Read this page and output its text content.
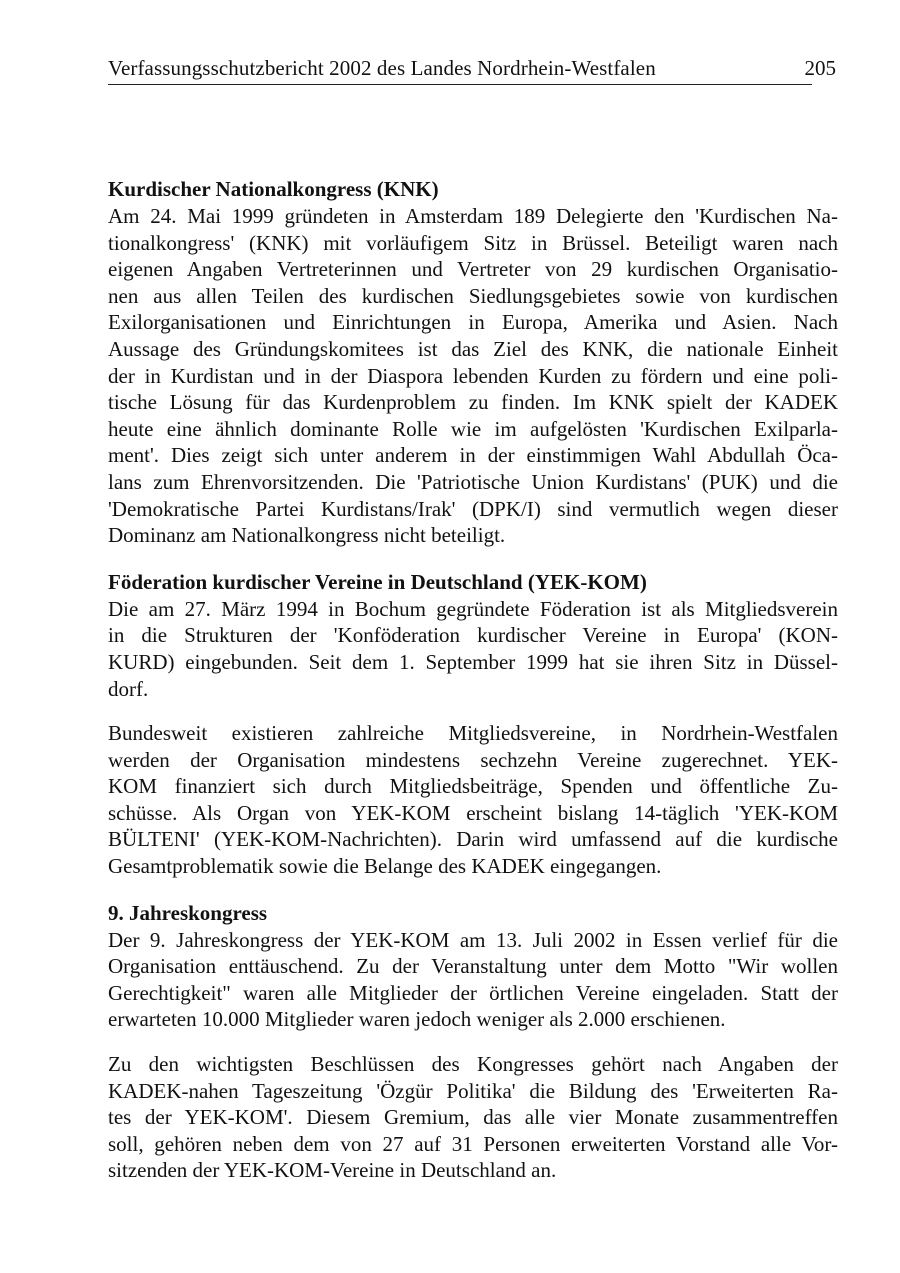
Verfassungsschutzbericht 2002 des Landes Nordrhein-Westfalen	205
Kurdischer Nationalkongress (KNK)

Am 24. Mai 1999 gründeten in Amsterdam 189 Delegierte den 'Kurdischen Na-
tionalkongress' (KNK) mit vorläufigem Sitz in Brüssel. Beteiligt waren nach
eigenen Angaben Vertreterinnen und Vertreter von 29 kurdischen Organisatio-
nen aus allen Teilen des kurdischen Siedlungsgebietes sowie von kurdischen
Exilorganisationen und Einrichtungen in Europa, Amerika und Asien. Nach
Aussage des Gründungskomitees ist das Ziel des KNK, die nationale Einheit
der in Kurdistan und in der Diaspora lebenden Kurden zu fördern und eine poli-
tische Lösung für das Kurdenproblem zu finden. Im KNK spielt der KADEK
heute eine ähnlich dominante Rolle wie im aufgelösten 'Kurdischen Exilparla-
ment'. Dies zeigt sich unter anderem in der einstimmigen Wahl Abdullah Öca-
lans zum Ehrenvorsitzenden. Die 'Patriotische Union Kurdistans' (PUK) und die
'Demokratische Partei Kurdistans/Irak' (DPK/I) sind vermutlich wegen dieser
Dominanz am Nationalkongress nicht beteiligt.

Föderation kurdischer Vereine in Deutschland (YEK-KOM)

Die am 27. März 1994 in Bochum gegründete Föderation ist als Mitgliedsverein
in die Strukturen der 'Konföderation kurdischer Vereine in Europa' (KON-
KURD) eingebunden. Seit dem 1. September 1999 hat sie ihren Sitz in Düssel-
dorf.

Bundesweit existieren zahlreiche Mitgliedsvereine, in Nordrhein-Westfalen
werden der Organisation mindestens sechzehn Vereine zugerechnet. YEK-
KOM finanziert sich durch Mitgliedsbeiträge, Spenden und öffentliche Zu-
schüsse. Als Organ von YEK-KOM erscheint bislang 14-täglich 'YEK-KOM
BÜLTENI' (YEK-KOM-Nachrichten). Darin wird umfassend auf die kurdische
Gesamtproblematik sowie die Belange des KADEK eingegangen.

9. Jahreskongress

Der 9. Jahreskongress der YEK-KOM am 13. Juli 2002 in Essen verlief für die
Organisation enttäuschend. Zu der Veranstaltung unter dem Motto "Wir wollen
Gerechtigkeit" waren alle Mitglieder der örtlichen Vereine eingeladen. Statt der
erwarteten 10.000 Mitglieder waren jedoch weniger als 2.000 erschienen.

Zu den wichtigsten Beschlüssen des Kongresses gehört nach Angaben der
KADEK-nahen Tageszeitung 'Özgür Politika' die Bildung des 'Erweiterten Ra-
tes der YEK-KOM'. Diesem Gremium, das alle vier Monate zusammentreffen
soll, gehören neben dem von 27 auf 31 Personen erweiterten Vorstand alle Vor-
sitzenden der YEK-KOM-Vereine in Deutschland an.
